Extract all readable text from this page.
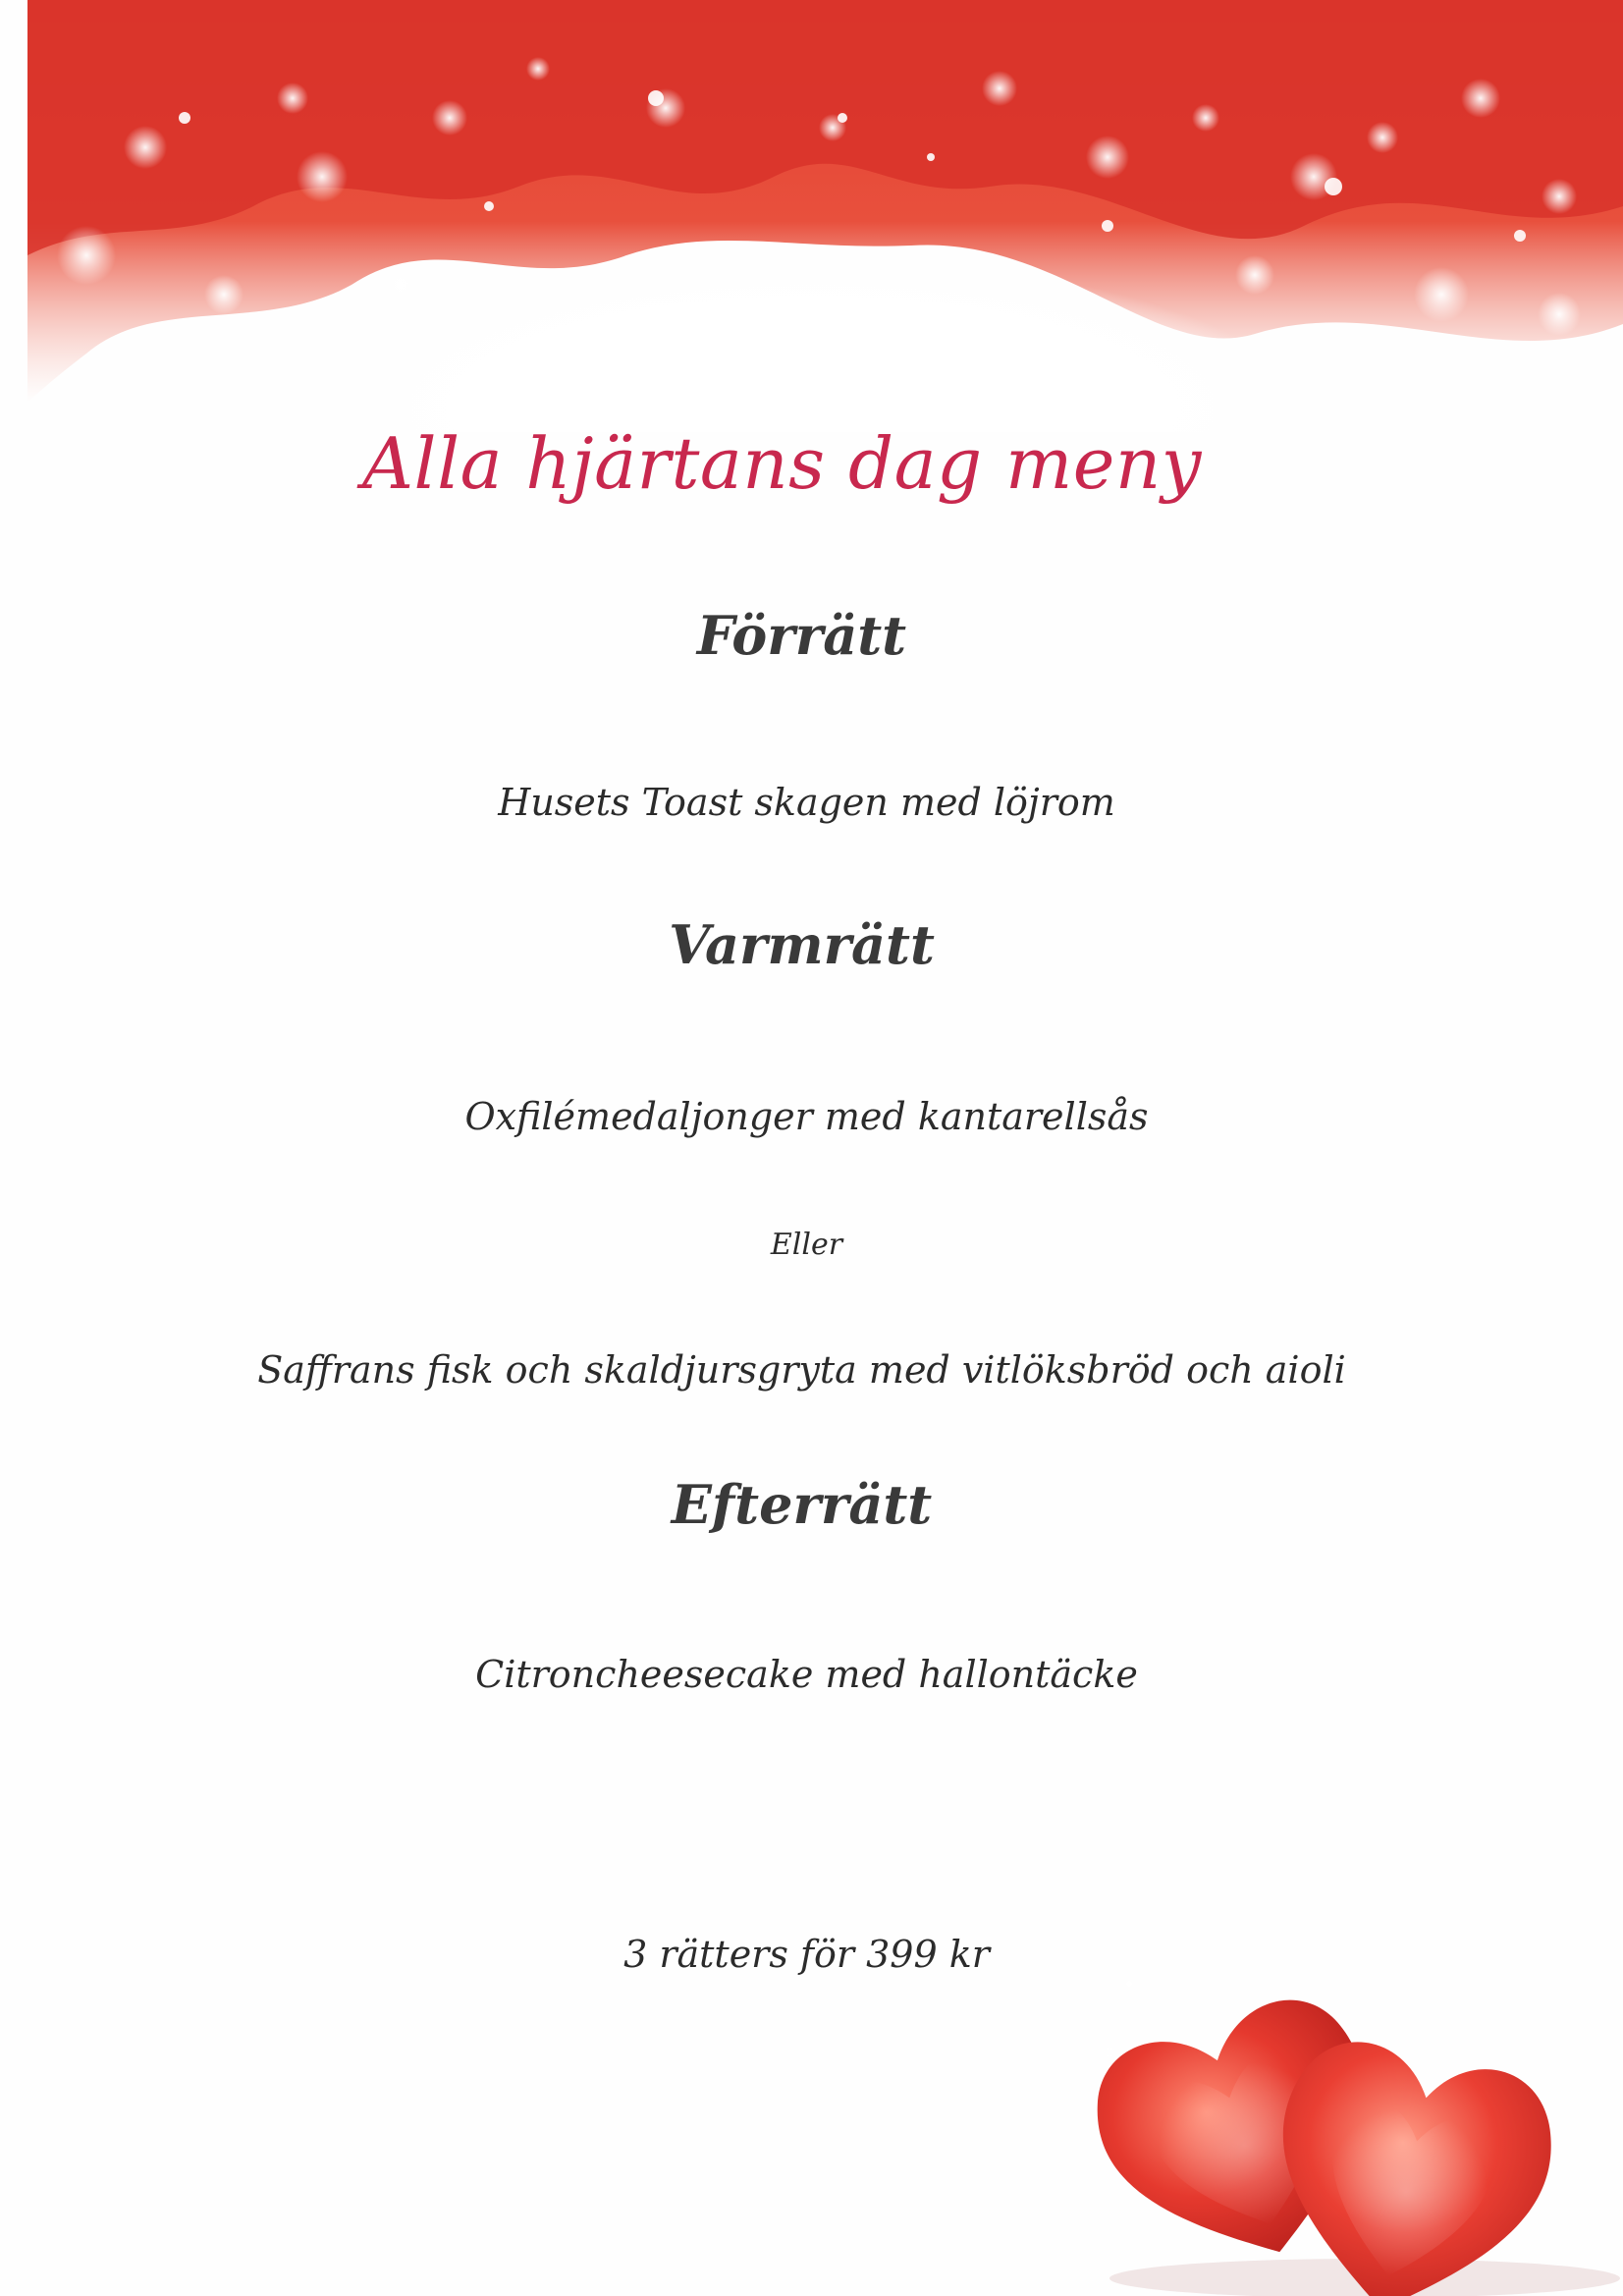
Alla hjärtans dag meny
Förrätt

Husets Toast skagen med löjrom

Varmrätt

Oxfilémedaljonger med kantarellsås

Eller

Saffrans fisk och skaldjursgryta med vitlöksbröd och aioli

Efterrätt

Citroncheesecake med hallontäcke

3 rätters för 399 kr
